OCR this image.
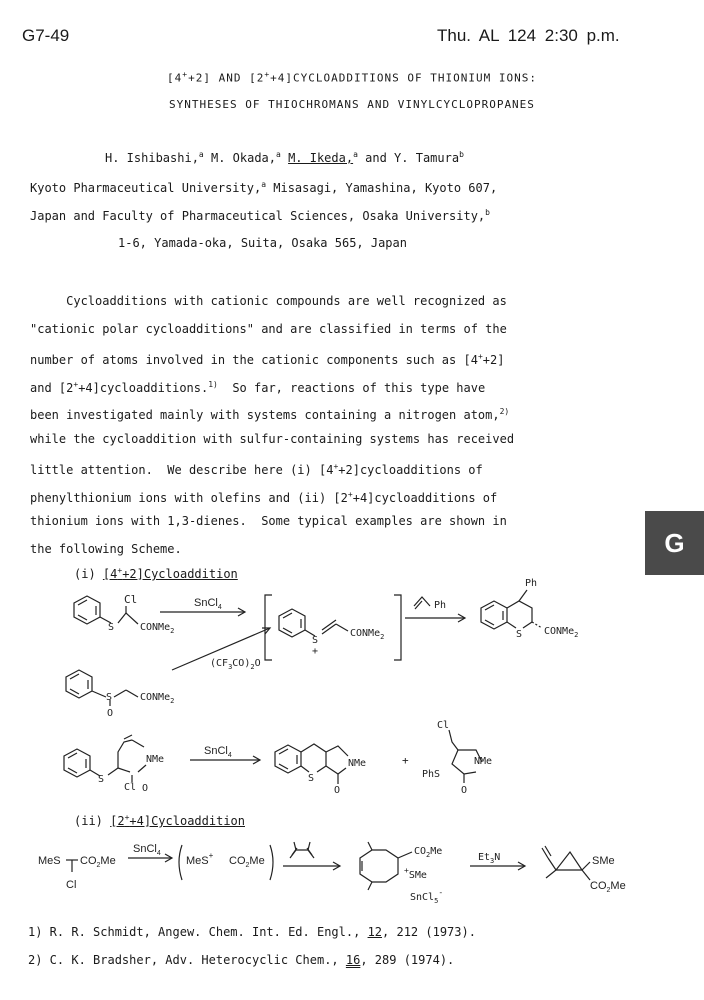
G7-49	Thu. AL 124 2:30 p.m.
[4++2] AND [2++4]CYCLOADDITIONS OF THIONIUM IONS:
SYNTHESES OF THIOCHROMANS AND VINYLCYCLOPROPANES
H. Ishibashi,$^a$ M. Okada,$^a$ M. Ikeda,$^a$ and Y. Tamura$^b$
Kyoto Pharmaceutical University,$^a$ Misasagi, Yamashina, Kyoto 607,
Japan and Faculty of Pharmaceutical Sciences, Osaka University,$^b$
1-6, Yamada-oka, Suita, Osaka 565, Japan
Cycloadditions with cationic compounds are well recognized as
"cationic polar cycloadditions" and are classified in terms of the
number of atoms involved in the cationic components such as [4++2]
and [2++4]cycloadditions.$^{1)}$  So far, reactions of this type have
been investigated mainly with systems containing a nitrogen atom,$^{2)}$
while the cycloaddition with sulfur-containing systems has received
little attention.  We describe here (i) [4++2]cycloadditions of
phenylthionium ions with olefins and (ii) [2++4]cycloadditions of
thionium ions with 1,3-dienes.  Some typical examples are shown in
the following Scheme.	G
(i) [4++2]Cycloaddition
(ii) [2++4]Cycloaddition
Cl
S	CONMe$_2$
SnCl$_4$
S
+
CONMe$_2$
Ph
Ph
S CONMe$_2$
$(CF_3CO)_2O$
S
O
CONMe$_2$
NMe
S
Cl O
SnCl$_4$
NMe
S
O
+
Cl
PhS
NMe
O
MeS $CO_2Me$
Cl
SnCl$_4$
MeS+ $CO_2Me$
$CO_2Me$
+SMe
SnCl$_5$-
$Et_3N$	SMe
$CO_2Me$
1) R. R. Schmidt, Angew. Chem. Int. Ed. Engl., 12, 212 (1973).
2) C. K. Bradsher, Adv. Heterocyclic Chem., 16, 289 (1974).
